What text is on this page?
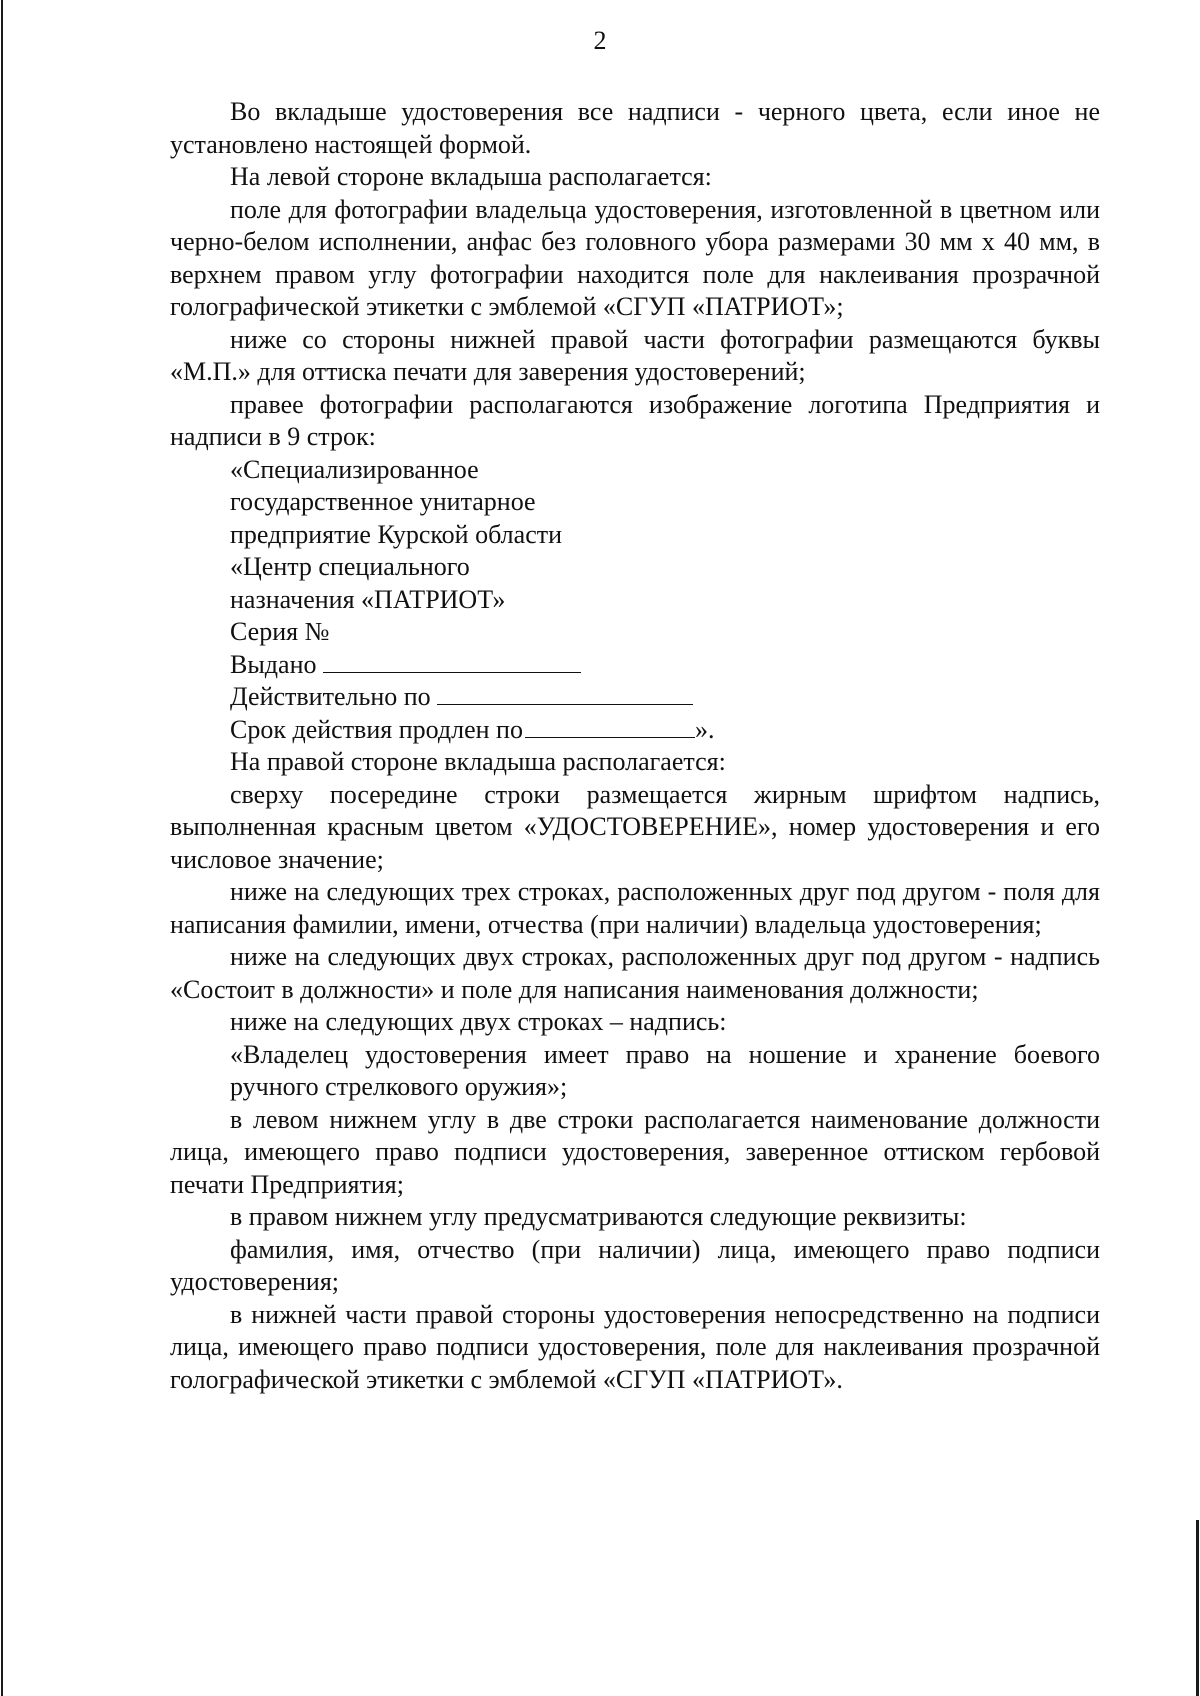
2

Во вкладыше удостоверения все надписи - черного цвета, если иное не установлено настоящей формой.

На левой стороне вкладыша располагается:

поле для фотографии владельца удостоверения, изготовленной в цветном или черно-белом исполнении, анфас без головного убора размерами 30 мм х 40 мм, в верхнем правом углу фотографии находится поле для наклеивания прозрачной голографической этикетки с эмблемой «СГУП «ПАТРИОТ»;

ниже со стороны нижней правой части фотографии размещаются буквы «М.П.» для оттиска печати для заверения удостоверений;

правее фотографии располагаются изображение логотипа Предприятия и надписи в 9 строк:

«Специализированное

государственное унитарное

предприятие Курской области

«Центр специального

назначения «ПАТРИОТ»

Серия №

Выдано

Действительно по

Срок действия продлен по	».

На правой стороне вкладыша располагается:

сверху посередине строки размещается жирным шрифтом надпись, выполненная красным цветом «УДОСТОВЕРЕНИЕ», номер удостоверения и его числовое значение;

ниже на следующих трех строках, расположенных друг под другом - поля для написания фамилии, имени, отчества (при наличии) владельца удостоверения;

ниже на следующих двух строках, расположенных друг под другом - надпись «Состоит в должности» и поле для написания наименования должности;

ниже на следующих двух строках – надпись:

«Владелец удостоверения имеет право на ношение и хранение боевого ручного стрелкового оружия»;

в левом нижнем углу в две строки располагается наименование должности лица, имеющего право подписи удостоверения, заверенное оттиском гербовой печати Предприятия;

в правом нижнем углу предусматриваются следующие реквизиты:

фамилия, имя, отчество (при наличии) лица, имеющего право подписи удостоверения;

в нижней части правой стороны удостоверения непосредственно на подписи лица, имеющего право подписи удостоверения, поле для наклеивания прозрачной голографической этикетки с эмблемой «СГУП «ПАТРИОТ».
